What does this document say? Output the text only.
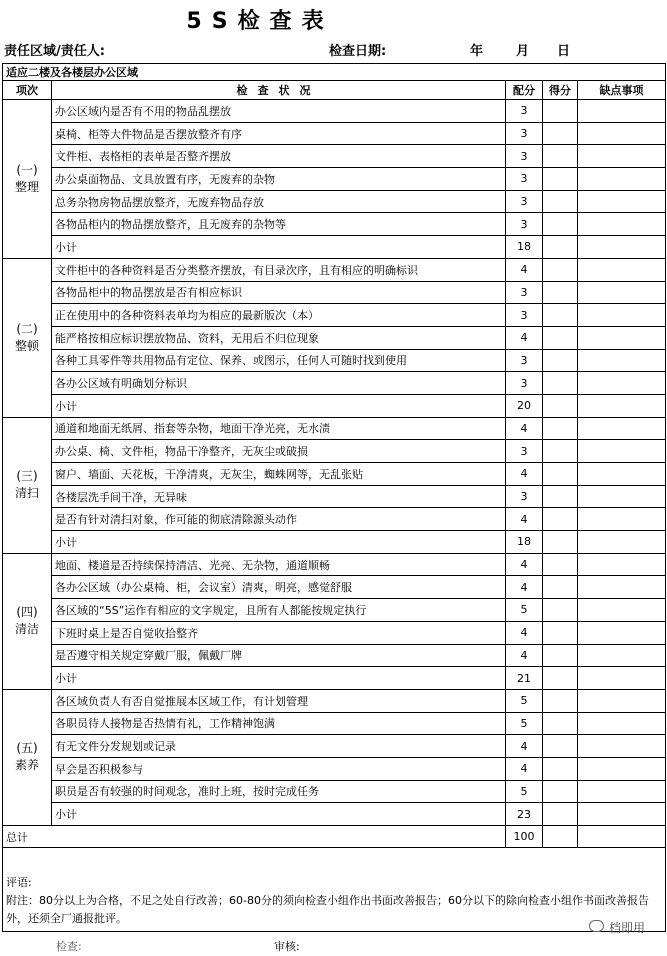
5S检查表
责任区域/责任人:	检查日期:	年	月 日
适应二楼及各楼层办公区域				
项次	检查状况	配分	得分	缺点事项
(一)
整理	办公区域内是否有不用的物品乱摆放	3		
	桌椅、柜等大件物品是否摆放整齐有序	3		
	文件柜、表格柜的表单是否整齐摆放	3		
	办公桌面物品、文具放置有序，无废弃的杂物	3		
	总务杂物房物品摆放整齐，无废弃物品存放	3		
	各物品柜内的物品摆放整齐，且无废弃的杂物等	3		
	小计	18		
(二)
整顿	文件柜中的各种资料是否分类整齐摆放，有目录次序，且有相应的明确标识	4		
	各物品柜中的物品摆放是否有相应标识	3		
	正在使用中的各种资料表单均为相应的最新版次（本）	3		
	能严格按相应标识摆放物品、资料，无用后不归位现象	4		
	各种工具零件等共用物品有定位、保养、或图示，任何人可随时找到使用	3		
	各办公区域有明确划分标识	3		
	小计	20		
(三)
清扫	通道和地面无纸屑、指套等杂物，地面干净光亮，无水渍	4		
	办公桌、椅、文件柜，物品干净整齐，无灰尘或破损	3		
	窗户、墙面、天花板，干净清爽，无灰尘，蜘蛛网等，无乱张贴	4		
	各楼层洗手间干净，无异味	3		
	是否有针对清扫对象，作可能的彻底清除源头动作	4		
	小计	18		
(四)
清洁	地面、楼道是否持续保持清洁、光亮、无杂物，通道顺畅	4		
	各办公区域（办公桌椅、柜，会议室）清爽，明亮，感觉舒服	4		
	各区域的“5S”运作有相应的文字规定，且所有人都能按规定执行	5		
	下班时桌上是否自觉收拾整齐	4		
	是否遵守相关规定穿戴厂服，佩戴厂牌	4		
	小计	21		
(五)
素养	各区域负责人有否自觉推展本区域工作，有计划管理	5		
	各职员待人接物是否热情有礼，工作精神饱满	5		
	有无文件分发规划或记录	4		
	早会是否积极参与	4		
	职员是否有较强的时间观念，准时上班，按时完成任务	5		
	小计	23		
总计		100		

评语:
附注：80分以上为合格，不足之处自行改善；60-80分的须向检查小组作出书面改善报告；60分以下的除向检查小组作书面改善报告外，还须全厂通报批评。				
档即用
检查:	审核:
